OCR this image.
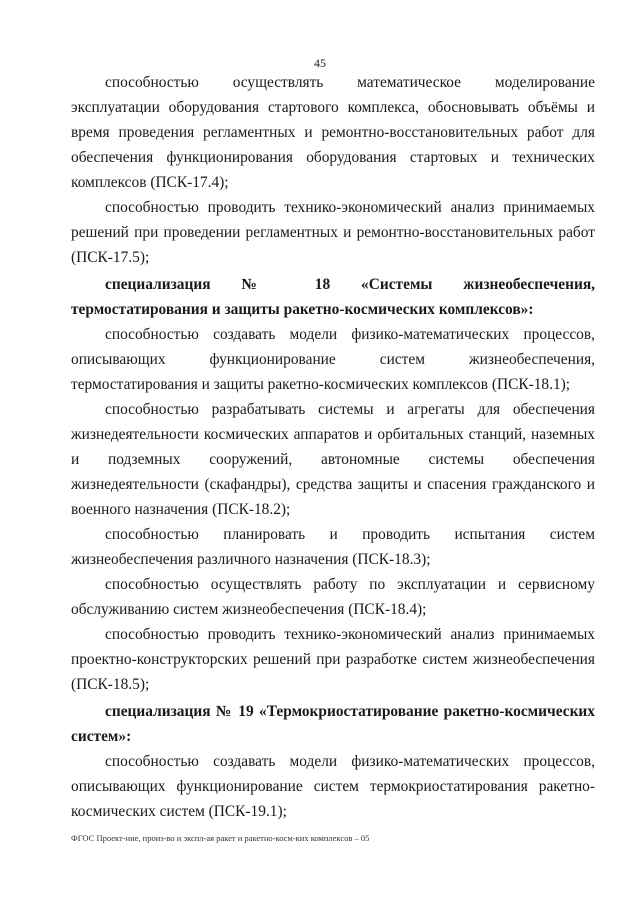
45

способностью осуществлять математическое моделирование эксплуатации оборудования стартового комплекса, обосновывать объёмы и время проведения регламентных и ремонтно-восстановительных работ для обеспечения функционирования оборудования стартовых и технических комплексов (ПСК-17.4);

способностью проводить технико-экономический анализ принимаемых решений при проведении регламентных и ремонтно-восстановительных работ (ПСК-17.5);

специализация № 18 «Системы жизнеобеспечения, термостатирования и защиты ракетно-космических комплексов»:

способностью создавать модели физико-математических процессов, описывающих функционирование систем жизнеобеспечения, термостатирования и защиты ракетно-космических комплексов (ПСК-18.1);

способностью разрабатывать системы и агрегаты для обеспечения жизнедеятельности космических аппаратов и орбитальных станций, наземных и подземных сооружений, автономные системы обеспечения жизнедеятельности (скафандры), средства защиты и спасения гражданского и военного назначения (ПСК-18.2);

способностью планировать и проводить испытания систем жизнеобеспечения различного назначения (ПСК-18.3);

способностью осуществлять работу по эксплуатации и сервисному обслуживанию систем жизнеобеспечения (ПСК-18.4);

способностью проводить технико-экономический анализ принимаемых проектно-конструкторских решений при разработке систем жизнеобеспечения (ПСК-18.5);

специализация № 19 «Термокриостатирование ракетно-космических систем»:

способностью создавать модели физико-математических процессов, описывающих функционирование систем термокриостатирования ракетно-космических систем (ПСК-19.1);

ФГОС Проект-ние, произ-во и экспл-ая ракет и ракетно-косм-ких комплексов – 05
